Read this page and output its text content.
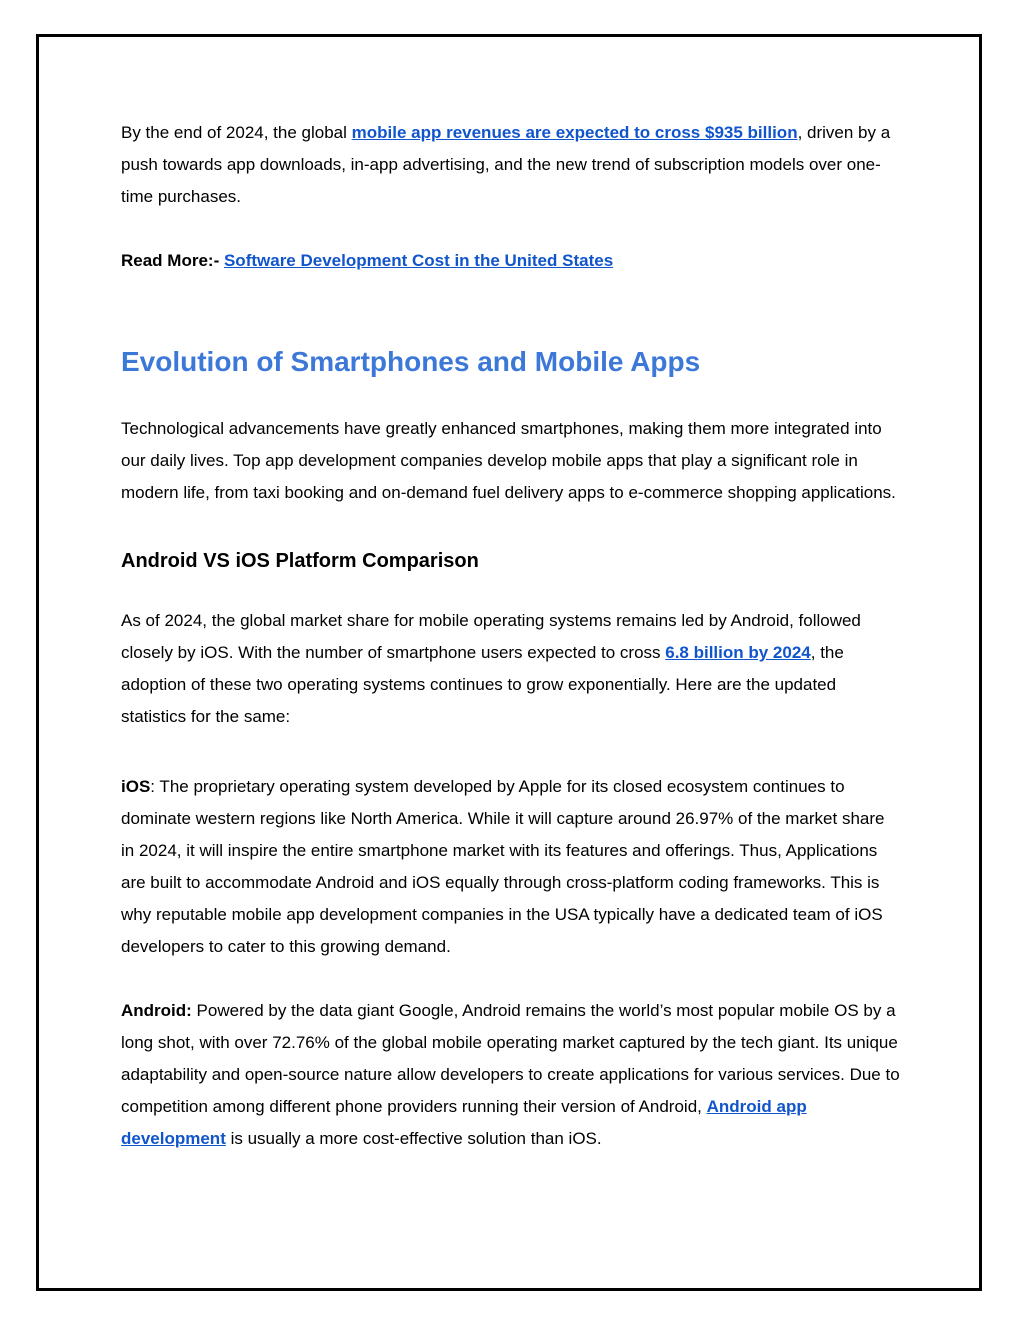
By the end of 2024, the global mobile app revenues are expected to cross $935 billion, driven by a push towards app downloads, in-app advertising, and the new trend of subscription models over one-time purchases.

Read More:- Software Development Cost in the United States

Evolution of Smartphones and Mobile Apps

Technological advancements have greatly enhanced smartphones, making them more integrated into our daily lives. Top app development companies develop mobile apps that play a significant role in modern life, from taxi booking and on-demand fuel delivery apps to e-commerce shopping applications.

Android VS iOS Platform Comparison

As of 2024, the global market share for mobile operating systems remains led by Android, followed closely by iOS. With the number of smartphone users expected to cross 6.8 billion by 2024, the adoption of these two operating systems continues to grow exponentially. Here are the updated statistics for the same:

iOS: The proprietary operating system developed by Apple for its closed ecosystem continues to dominate western regions like North America. While it will capture around 26.97% of the market share in 2024, it will inspire the entire smartphone market with its features and offerings. Thus, Applications are built to accommodate Android and iOS equally through cross-platform coding frameworks. This is why reputable mobile app development companies in the USA typically have a dedicated team of iOS developers to cater to this growing demand.

Android: Powered by the data giant Google, Android remains the world’s most popular mobile OS by a long shot, with over 72.76% of the global mobile operating market captured by the tech giant. Its unique adaptability and open-source nature allow developers to create applications for various services. Due to competition among different phone providers running their version of Android, Android app development is usually a more cost-effective solution than iOS.
